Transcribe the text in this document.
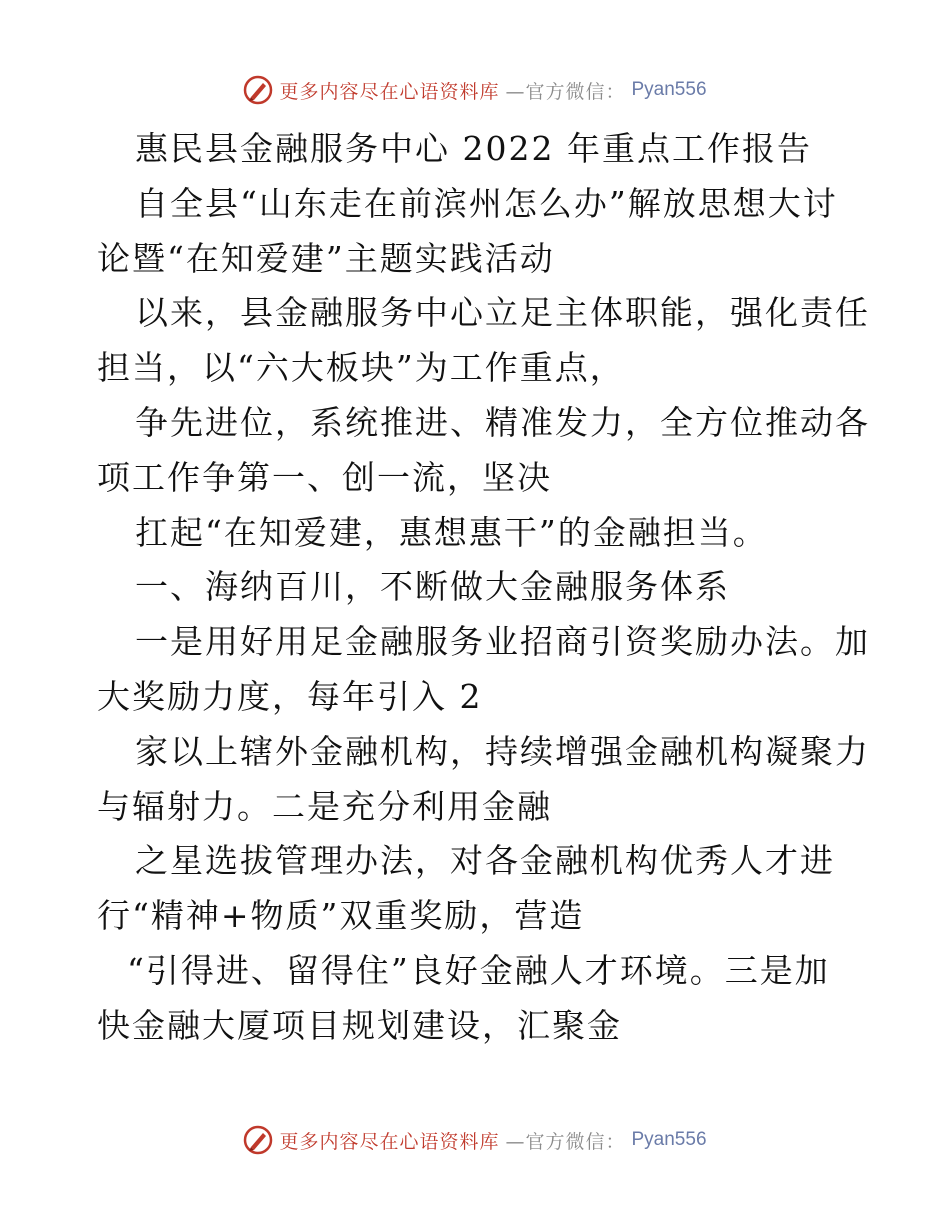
更多内容尽在心语资料库 —官方微信： Pyan556
惠民县金融服务中心 2022 年重点工作报告
自全县“山东走在前滨州怎么办”解放思想大讨
论暨“在知爱建”主题实践活动
以来，县金融服务中心立足主体职能，强化责任
担当，以“六大板块”为工作重点，
争先进位，系统推进、精准发力，全方位推动各
项工作争第一、创一流，坚决
扛起“在知爱建，惠想惠干”的金融担当。
一、海纳百川，不断做大金融服务体系
一是用好用足金融服务业招商引资奖励办法。加
大奖励力度，每年引入 2
家以上辖外金融机构，持续增强金融机构凝聚力
与辐射力。二是充分利用金融
之星选拔管理办法，对各金融机构优秀人才进
行“精神+物质”双重奖励，营造
“引得进、留得住”良好金融人才环境。三是加
快金融大厦项目规划建设，汇聚金
更多内容尽在心语资料库 —官方微信： Pyan556
